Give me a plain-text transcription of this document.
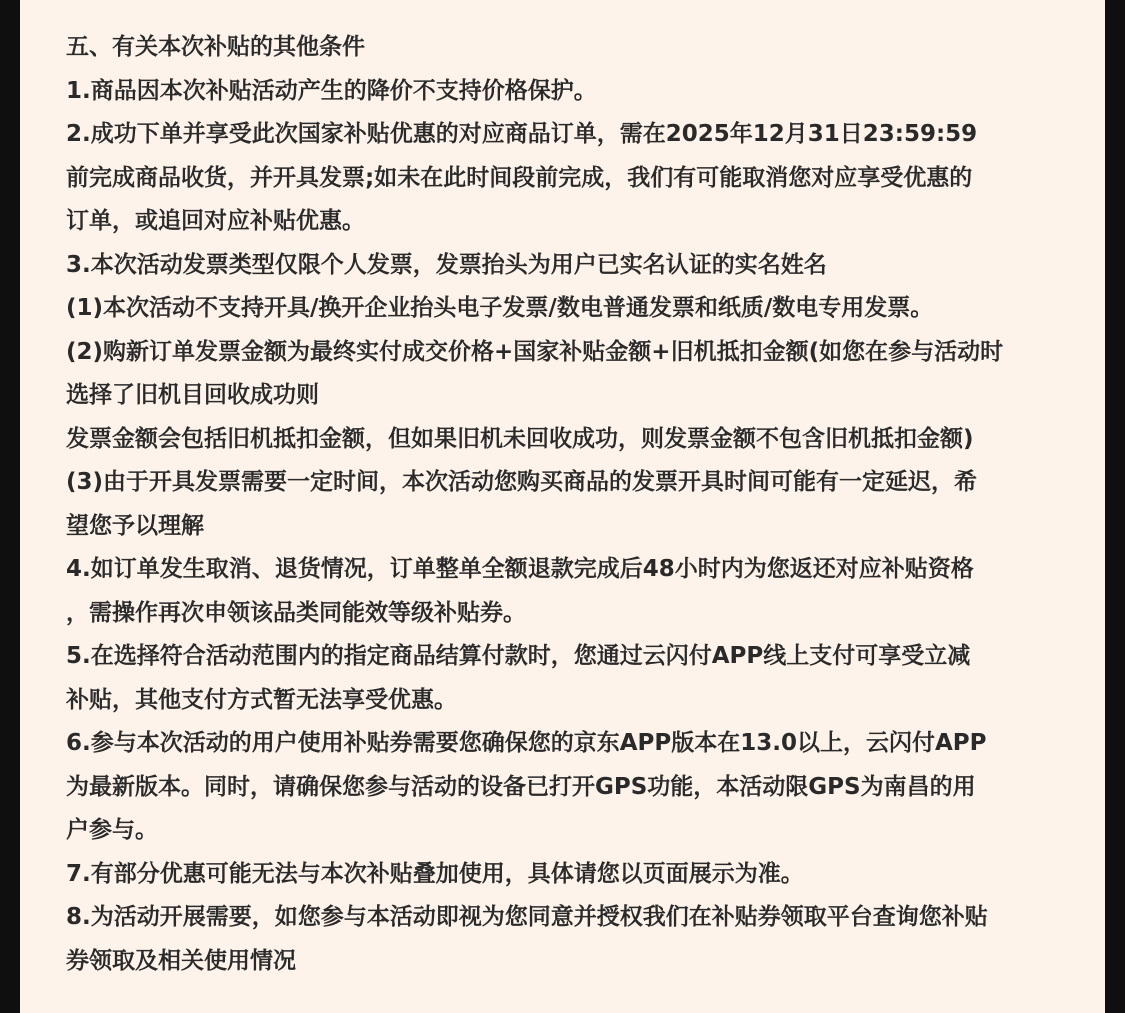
五、有关本次补贴的其他条件
1.商品因本次补贴活动产生的降价不支持价格保护。
2.成功下单并享受此次国家补贴优惠的对应商品订单，需在2025年12月31日23:59:59
前完成商品收货，并开具发票;如未在此时间段前完成，我们有可能取消您对应享受优惠的
订单，或追回对应补贴优惠。
3.本次活动发票类型仅限个人发票，发票抬头为用户已实名认证的实名姓名
(1)本次活动不支持开具/换开企业抬头电子发票/数电普通发票和纸质/数电专用发票。
(2)购新订单发票金额为最终实付成交价格+国家补贴金额+旧机抵扣金额(如您在参与活动时
选择了旧机目回收成功则
发票金额会包括旧机抵扣金额，但如果旧机未回收成功，则发票金额不包含旧机抵扣金额)
(3)由于开具发票需要一定时间，本次活动您购买商品的发票开具时间可能有一定延迟，希
望您予以理解
4.如订单发生取消、退货情况，订单整单全额退款完成后48小时内为您返还对应补贴资格
，需操作再次申领该品类同能效等级补贴券。
5.在选择符合活动范围内的指定商品结算付款时，您通过云闪付APP线上支付可享受立减
补贴，其他支付方式暂无法享受优惠。
6.参与本次活动的用户使用补贴券需要您确保您的京东APP版本在13.0以上，云闪付APP
为最新版本。同时，请确保您参与活动的设备已打开GPS功能，本活动限GPS为南昌的用
户参与。
7.有部分优惠可能无法与本次补贴叠加使用，具体请您以页面展示为准。
8.为活动开展需要，如您参与本活动即视为您同意并授权我们在补贴券领取平台查询您补贴
券领取及相关使用情况
